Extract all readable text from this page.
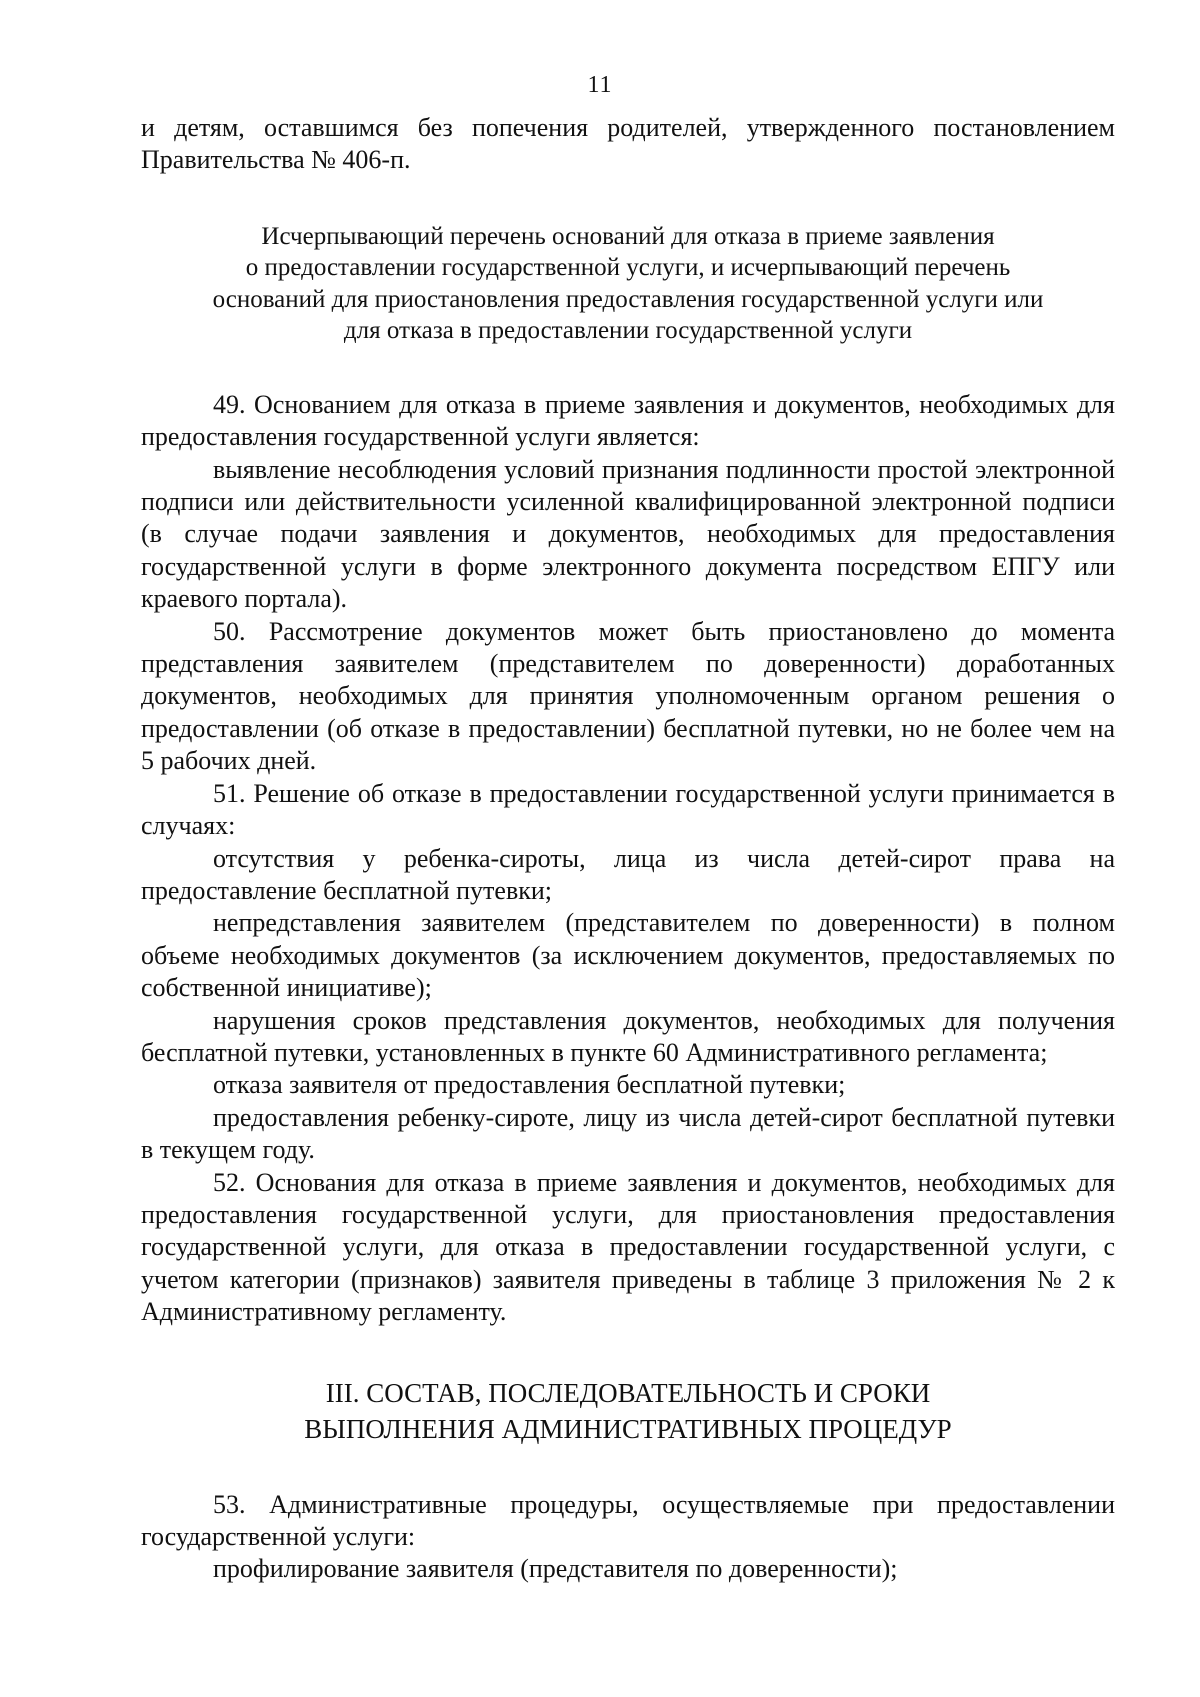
11

и детям, оставшимся без попечения родителей, утвержденного постановлением Правительства № 406-п.

Исчерпывающий перечень оснований для отказа в приеме заявления

о предоставлении государственной услуги, и исчерпывающий перечень

оснований для приостановления предоставления государственной услуги или

для отказа в предоставлении государственной услуги

49. Основанием для отказа в приеме заявления и документов, необходимых для предоставления государственной услуги является:

выявление несоблюдения условий признания подлинности простой электронной подписи или действительности усиленной квалифицированной электронной подписи (в случае подачи заявления и документов, необходимых для предоставления государственной услуги в форме электронного документа посредством ЕПГУ или краевого портала).

50. Рассмотрение документов может быть приостановлено до момента представления заявителем (представителем по доверенности) доработанных документов, необходимых для принятия уполномоченным органом решения о предоставлении (об отказе в предоставлении) бесплатной путевки, но не более чем на 5 рабочих дней.

51. Решение об отказе в предоставлении государственной услуги принимается в случаях:

отсутствия у ребенка-сироты, лица из числа детей-сирот права на предоставление бесплатной путевки;

непредставления заявителем (представителем по доверенности) в полном объеме необходимых документов (за исключением документов, предоставляемых по собственной инициативе);

нарушения сроков представления документов, необходимых для получения бесплатной путевки, установленных в пункте 60 Административного регламента;

отказа заявителя от предоставления бесплатной путевки;

предоставления ребенку-сироте, лицу из числа детей-сирот бесплатной путевки в текущем году.

52. Основания для отказа в приеме заявления и документов, необходимых для предоставления государственной услуги, для приостановления предоставления государственной услуги, для отказа в предоставлении государственной услуги, с учетом категории (признаков) заявителя приведены в таблице 3 приложения № 2 к Административному регламенту.

III. СОСТАВ, ПОСЛЕДОВАТЕЛЬНОСТЬ И СРОКИ
ВЫПОЛНЕНИЯ АДМИНИСТРАТИВНЫХ ПРОЦЕДУР

53. Административные процедуры, осуществляемые при предоставлении государственной услуги:

профилирование заявителя (представителя по доверенности);
